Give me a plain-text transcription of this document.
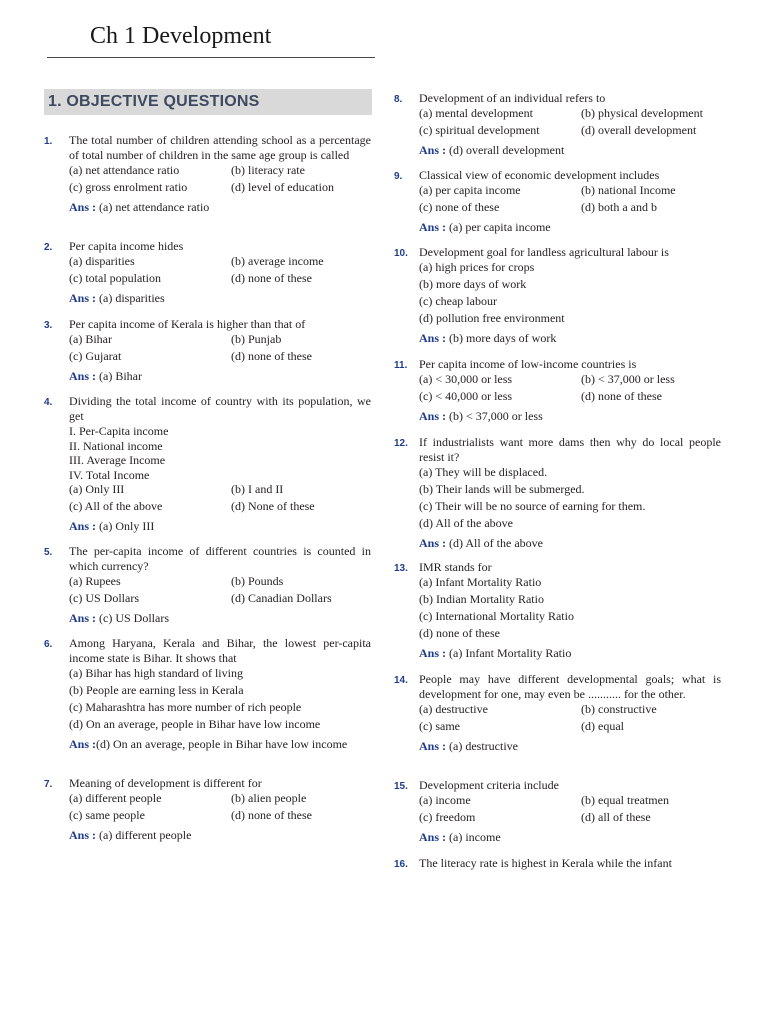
Ch 1 Development
1. OBJECTIVE QUESTIONS
1. The total number of children attending school as a percentage of total number of children in the same age group is called
(a) net attendance ratio	(b) literacy rate
(c) gross enrolment ratio	(d) level of education
Ans : (a) net attendance ratio
2. Per capita income hides
(a) disparities	(b) average income
(c) total population	(d) none of these
Ans : (a) disparities
3. Per capita income of Kerala is higher than that of
(a) Bihar	(b) Punjab
(c) Gujarat	(d) none of these
Ans : (a) Bihar
4. Dividing the total income of country with its population, we get
I. Per-Capita income
II. National income
III. Average Income
IV. Total Income
(a) Only III	(b) I and II
(c) All of the above	(d) None of these
Ans : (a) Only III
5. The per-capita income of different countries is counted in which currency?
(a) Rupees	(b) Pounds
(c) US Dollars	(d) Canadian Dollars
Ans : (c) US Dollars
6. Among Haryana, Kerala and Bihar, the lowest per-capita income state is Bihar. It shows that
(a) Bihar has high standard of living
(b) People are earning less in Kerala
(c) Maharashtra has more number of rich people
(d) On an average, people in Bihar have low income
Ans :(d) On an average, people in Bihar have low income
7. Meaning of development is different for
(a) different people	(b) alien people
(c) same people	(d) none of these
Ans : (a) different people
8. Development of an individual refers to
(a) mental development	(b) physical development
(c) spiritual development	(d) overall development
Ans : (d) overall development
9. Classical view of economic development includes
(a) per capita income	(b) national Income
(c) none of these	(d) both a and b
Ans : (a) per capita income
10. Development goal for landless agricultural labour is
(a) high prices for crops
(b) more days of work
(c) cheap labour
(d) pollution free environment
Ans : (b) more days of work
11. Per capita income of low-income countries is
(a) < 30,000 or less	(b) < 37,000 or less
(c) < 40,000 or less	(d) none of these
Ans : (b) < 37,000 or less
12. If industrialists want more dams then why do local people resist it?
(a) They will be displaced.
(b) Their lands will be submerged.
(c) Their will be no source of earning for them.
(d) All of the above
Ans : (d) All of the above
13. IMR stands for
(a) Infant Mortality Ratio
(b) Indian Mortality Ratio
(c) International Mortality Ratio
(d) none of these
Ans : (a) Infant Mortality Ratio
14. People may have different developmental goals; what is development for one, may even be ........... for the other.
(a) destructive	(b) constructive
(c) same	(d) equal
Ans : (a) destructive
15. Development criteria include
(a) income	(b) equal treatmen
(c) freedom	(d) all of these
Ans : (a) income
16. The literacy rate is highest in Kerala while the infant
